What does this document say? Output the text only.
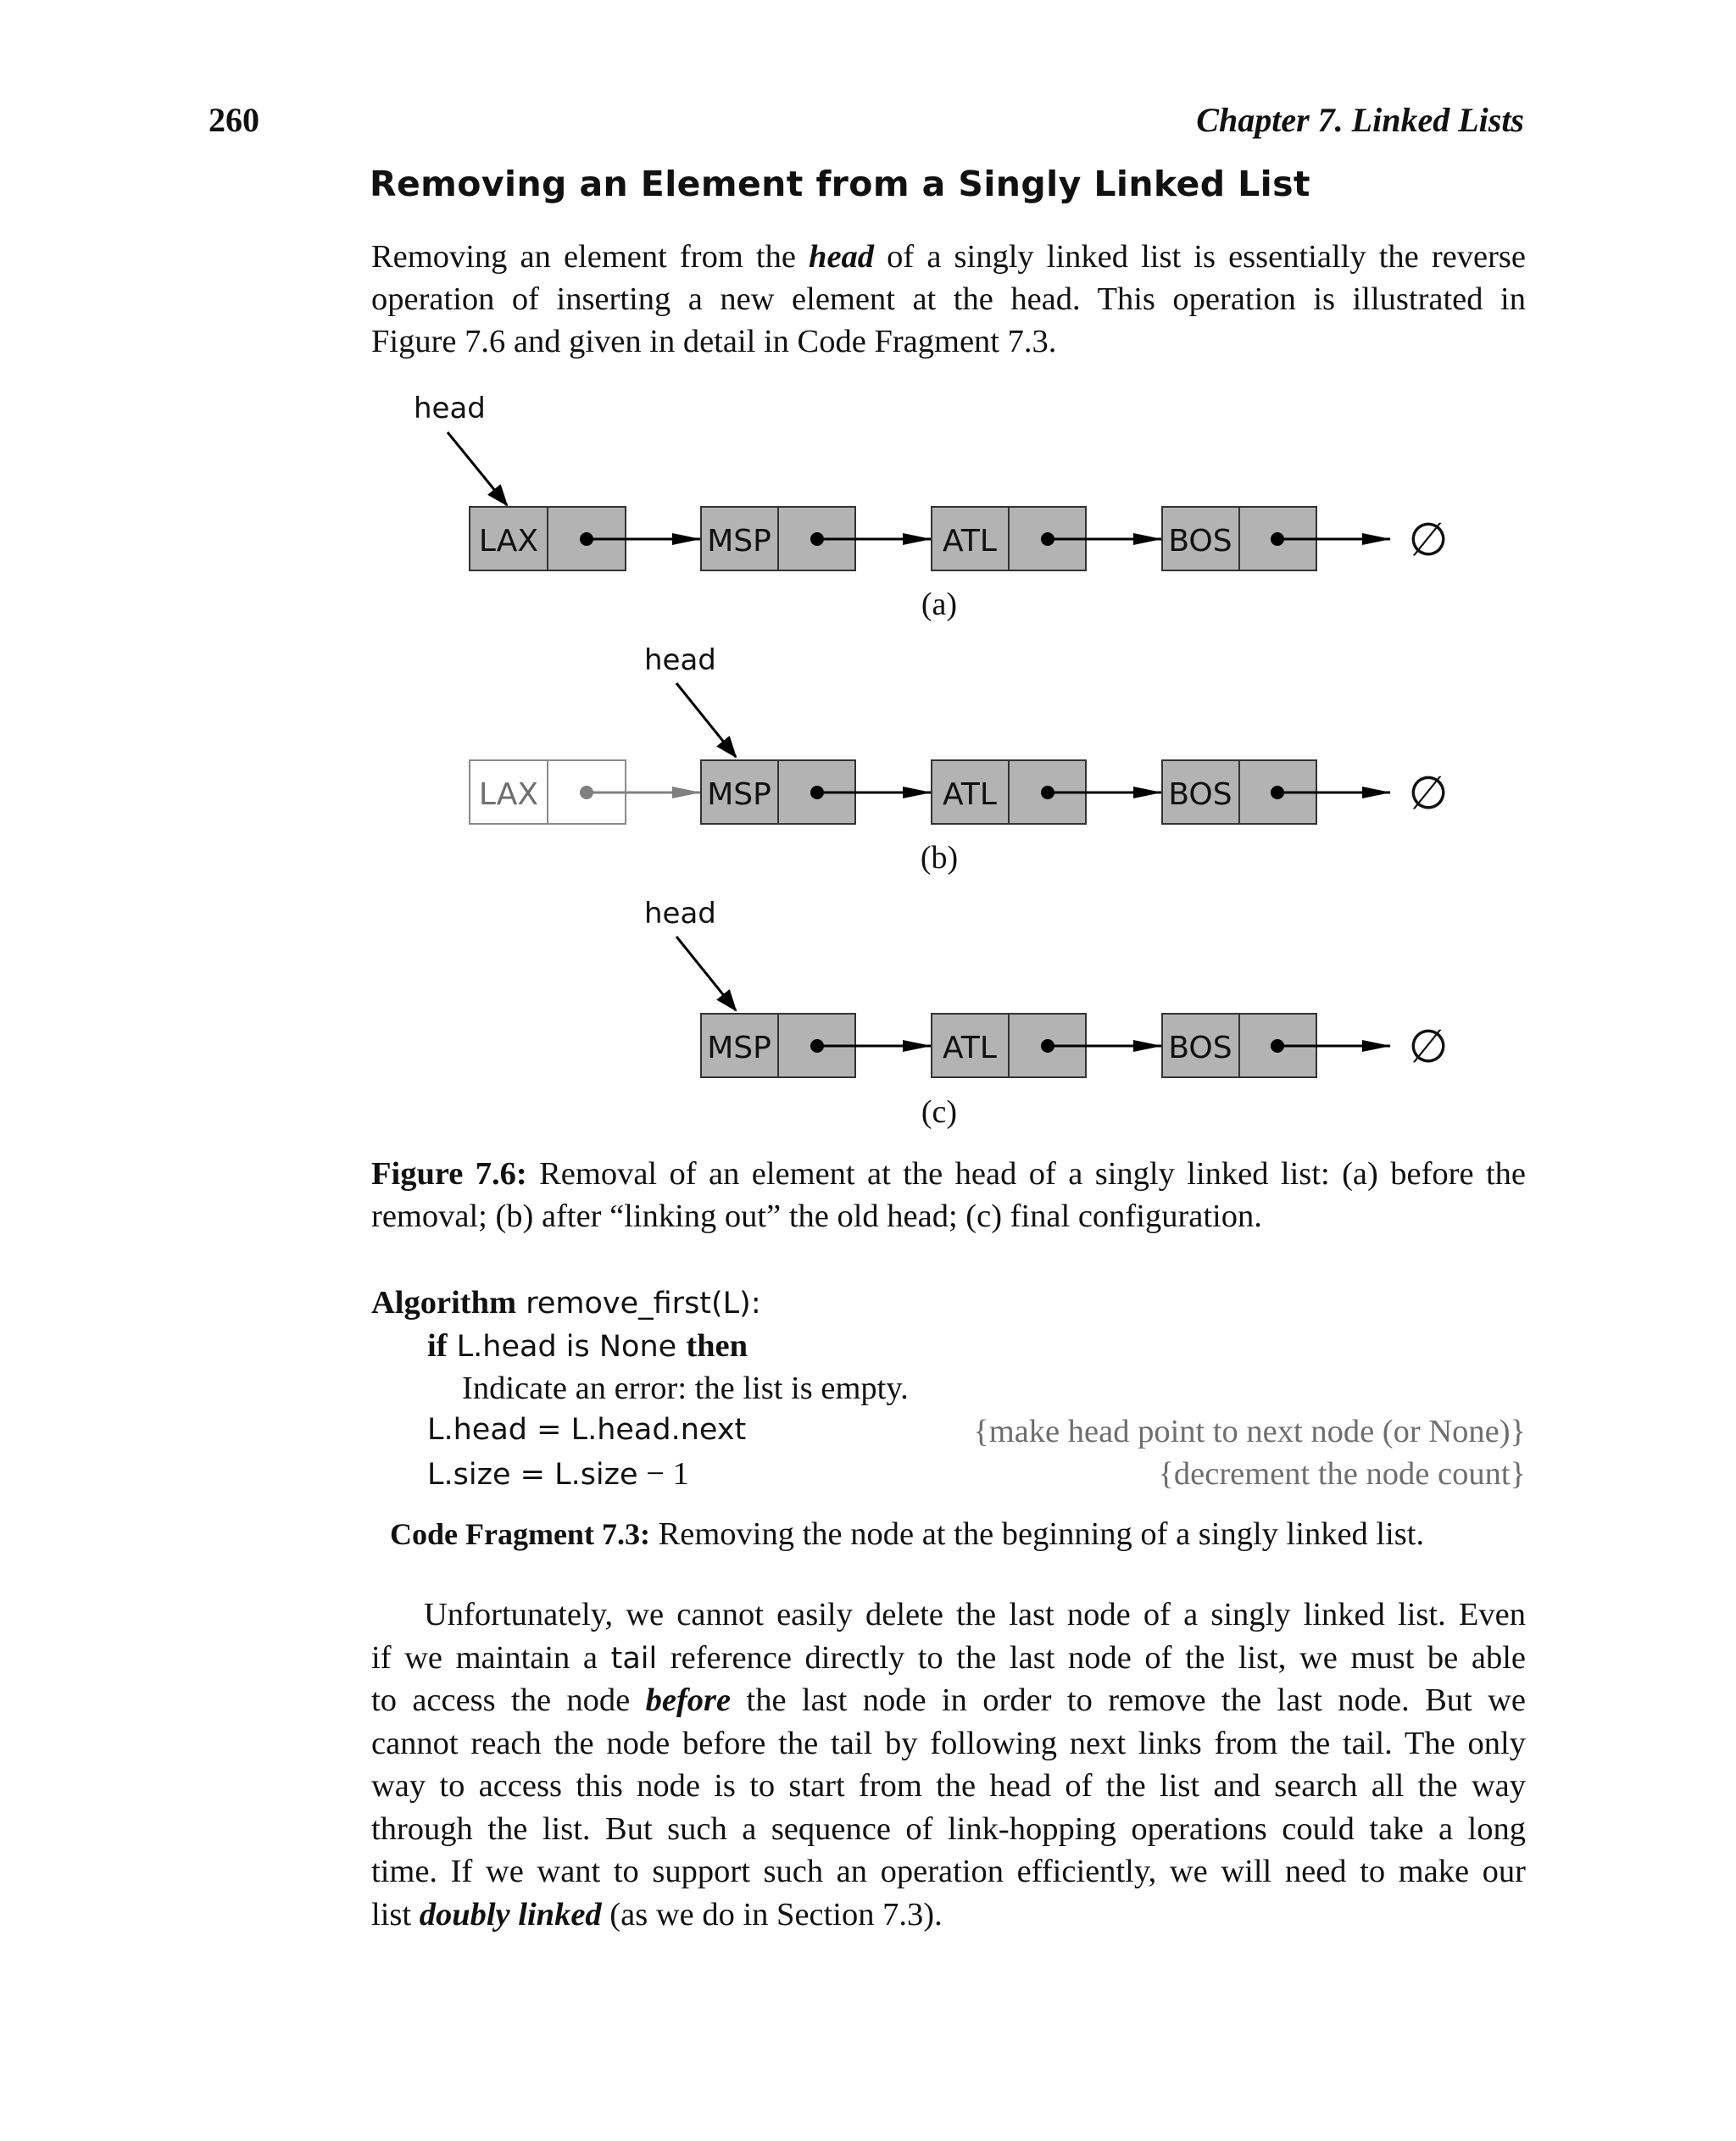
260	Chapter 7. Linked Lists
Removing an Element from a Singly Linked List
Removing an element from the head of a singly linked list is essentially the reverse
operation of inserting a new element at the head. This operation is illustrated in
Figure 7.6 and given in detail in Code Fragment 7.3.
head
LAX	MSP	ATL	BOS	∅
(a)
head
LAX	MSP	ATL	BOS	∅
(b)
head
MSP	ATL	BOS	∅
(c)
Figure 7.6: Removal of an element at the head of a singly linked list: (a) before the
removal; (b) after “linking out” the old head; (c) final configuration.
Algorithm remove_first(L):
if L.head is None then
Indicate an error: the list is empty.
L.head = L.head.next	{make head point to next node (or None)}
L.size = L.size − 1	{decrement the node count}
Code Fragment 7.3: Removing the node at the beginning of a singly linked list.
Unfortunately, we cannot easily delete the last node of a singly linked list. Even
if we maintain a tail reference directly to the last node of the list, we must be able
to access the node before the last node in order to remove the last node. But we
cannot reach the node before the tail by following next links from the tail. The only
way to access this node is to start from the head of the list and search all the way
through the list. But such a sequence of link-hopping operations could take a long
time. If we want to support such an operation efficiently, we will need to make our
list doubly linked (as we do in Section 7.3).
